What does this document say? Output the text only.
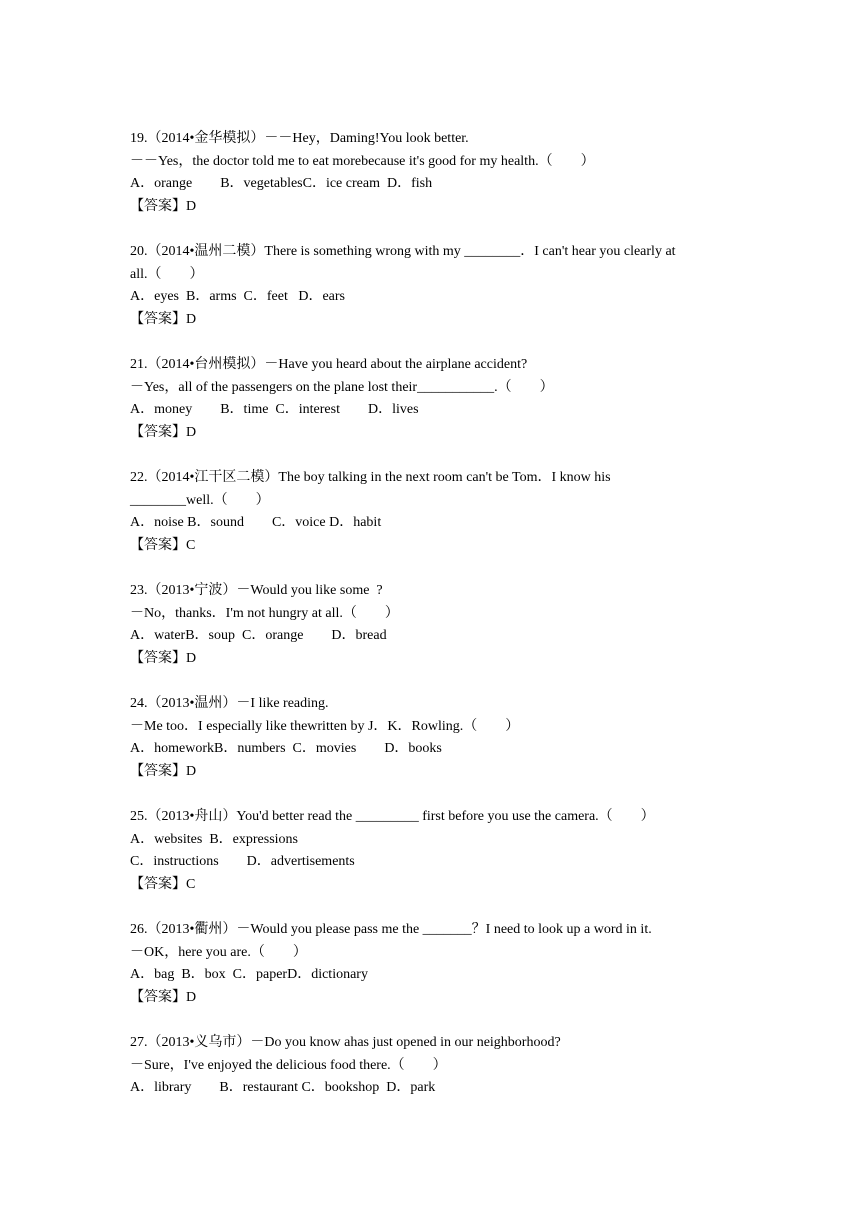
19.（2014•金华模拟）－－Hey，Daming!You look better.
－－Yes，the doctor told me to eat morebecause it's good for my health.（　　）
A．orange　　B．vegetablesC．ice cream  D．fish
【答案】D
20.（2014•温州二模）There is something wrong with my ________．I can't hear you clearly at
all.（　　）
A．eyes  B．arms  C．feet   D．ears
【答案】D
21.（2014•台州模拟）－Have you heard about the airplane accident?
－Yes，all of the passengers on the plane lost their___________.（　　）
A．money　　B．time  C．interest　　D．lives
【答案】D
22.（2014•江干区二模）The boy talking in the next room can't be Tom．I know his
________well.（　　）
A．noise B．sound　　C．voice D．habit
【答案】C
23.（2013•宁波）－Would you like some  ?
－No，thanks．I'm not hungry at all.（　　）
A．waterB．soup  C．orange　　D．bread
【答案】D
24.（2013•温州）－I like reading.
－Me too．I especially like thewritten by J．K．Rowling.（　　）
A．homeworkB．numbers  C．movies　　D．books
【答案】D
25.（2013•舟山）You'd better read the _________ first before you use the camera.（　　）
A．websites  B．expressions
C．instructions　　D．advertisements
【答案】C
26.（2013•衢州）－Would you please pass me the _______？I need to look up a word in it.
－OK，here you are.（　　）
A．bag  B．box  C．paperD．dictionary
【答案】D
27.（2013•义乌市）－Do you know ahas just opened in our neighborhood?
－Sure，I've enjoyed the delicious food there.（　　）
A．library　　B．restaurant C．bookshop  D．park
